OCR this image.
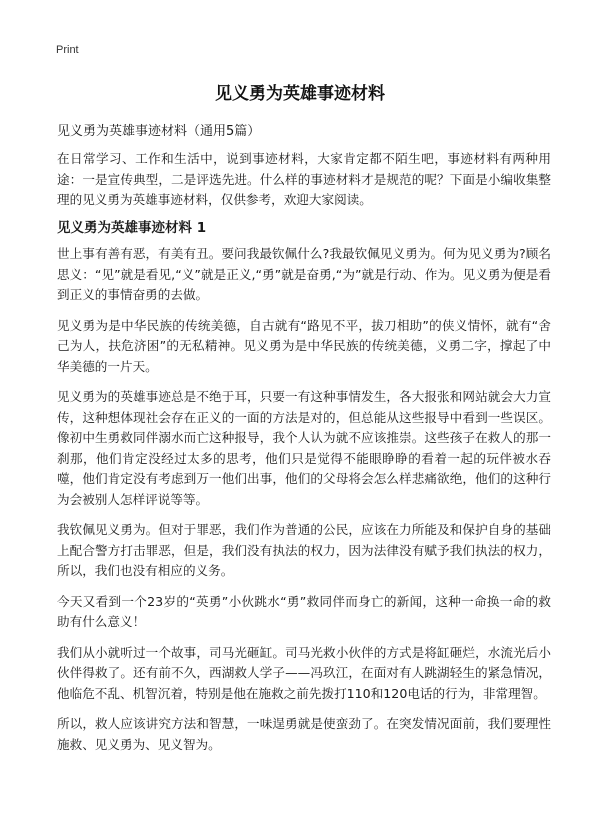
Print
见义勇为英雄事迹材料
见义勇为英雄事迹材料（通用5篇）

在日常学习、工作和生活中，说到事迹材料，大家肯定都不陌生吧，事迹材料有两种用途：一是宣传典型，二是评选先进。什么样的事迹材料才是规范的呢？下面是小编收集整理的见义勇为英雄事迹材料，仅供参考，欢迎大家阅读。

见义勇为英雄事迹材料 1

世上事有善有恶，有美有丑。要问我最钦佩什么?我最钦佩见义勇为。何为见义勇为?顾名思义：“见”就是看见,“义”就是正义,“勇”就是奋勇,“为”就是行动、作为。见义勇为便是看到正义的事情奋勇的去做。

见义勇为是中华民族的传统美德，自古就有“路见不平，拔刀相助”的侠义情怀，就有“舍己为人，扶危济困”的无私精神。见义勇为是中华民族的传统美德，义勇二字，撑起了中华美德的一片天。

见义勇为的英雄事迹总是不绝于耳，只要一有这种事情发生，各大报张和网站就会大力宣传，这种想体现社会存在正义的一面的方法是对的，但总能从这些报导中看到一些误区。像初中生勇救同伴溺水而亡这种报导，我个人认为就不应该推崇。这些孩子在救人的那一刹那，他们肯定没经过太多的思考，他们只是觉得不能眼睁睁的看着一起的玩伴被水吞噬，他们肯定没有考虑到万一他们出事，他们的父母将会怎么样悲痛欲绝，他们的这种行为会被别人怎样评说等等。

我钦佩见义勇为。但对于罪恶，我们作为普通的公民，应该在力所能及和保护自身的基础上配合警方打击罪恶，但是，我们没有执法的权力，因为法律没有赋予我们执法的权力，所以，我们也没有相应的义务。

今天又看到一个23岁的“英勇”小伙跳水“勇”救同伴而身亡的新闻，这种一命换一命的救助有什么意义！

我们从小就听过一个故事，司马光砸缸。司马光救小伙伴的方式是将缸砸烂，水流光后小伙伴得救了。还有前不久，西湖救人学子——冯玖江，在面对有人跳湖轻生的紧急情况，他临危不乱、机智沉着，特别是他在施救之前先拨打110和120电话的行为，非常理智。

所以，救人应该讲究方法和智慧，一味逞勇就是使蛮劲了。在突发情况面前，我们要理性施救、见义勇为、见义智为。
